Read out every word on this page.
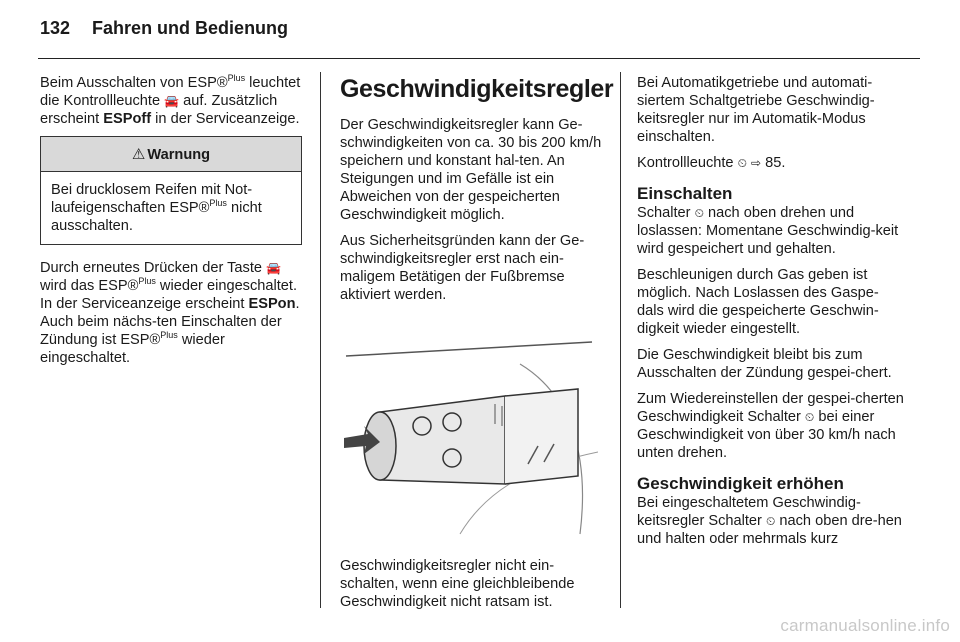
132 Fahren und Bedienung

Beim Ausschalten von ESP®$^{Plus}$ leuchtet die Kontrollleuchte 🚘 auf. Zusätzlich erscheint ESPoff in der Serviceanzeige.

⚠ Warnung
Bei drucklosem Reifen mit Not-laufeigenschaften ESP®$^{Plus}$ nicht ausschalten.

Durch erneutes Drücken der Taste 🚘 wird das ESP®$^{Plus}$ wieder eingeschaltet. In der Serviceanzeige erscheint ESPon. Auch beim nächs-ten Einschalten der Zündung ist ESP®$^{Plus}$ wieder eingeschaltet.

Geschwindigkeitsregler

Der Geschwindigkeitsregler kann Ge-schwindigkeiten von ca. 30 bis 200 km/h speichern und konstant hal-ten. An Steigungen und im Gefälle ist ein Abweichen von der gespeicherten Geschwindigkeit möglich.

Aus Sicherheitsgründen kann der Ge-schwindigkeitsregler erst nach ein-maligem Betätigen der Fußbremse aktiviert werden.

Geschwindigkeitsregler nicht ein-schalten, wenn eine gleichbleibende Geschwindigkeit nicht ratsam ist.

Bei Automatikgetriebe und automati-siertem Schaltgetriebe Geschwindig-keitsregler nur im Automatik-Modus einschalten.

Kontrollleuchte ⏲ ⇨ 85.

Einschalten

Schalter ⏲ nach oben drehen und loslassen: Momentane Geschwindig-keit wird gespeichert und gehalten.

Beschleunigen durch Gas geben ist möglich. Nach Loslassen des Gaspe-dals wird die gespeicherte Geschwin-digkeit wieder eingestellt.

Die Geschwindigkeit bleibt bis zum Ausschalten der Zündung gespei-chert.

Zum Wiedereinstellen der gespei-cherten Geschwindigkeit Schalter ⏲ bei einer Geschwindigkeit von über 30 km/h nach unten drehen.

Geschwindigkeit erhöhen

Bei eingeschaltetem Geschwindig-keitsregler Schalter ⏲ nach oben dre-hen und halten oder mehrmals kurz

carmanualsonline.info
